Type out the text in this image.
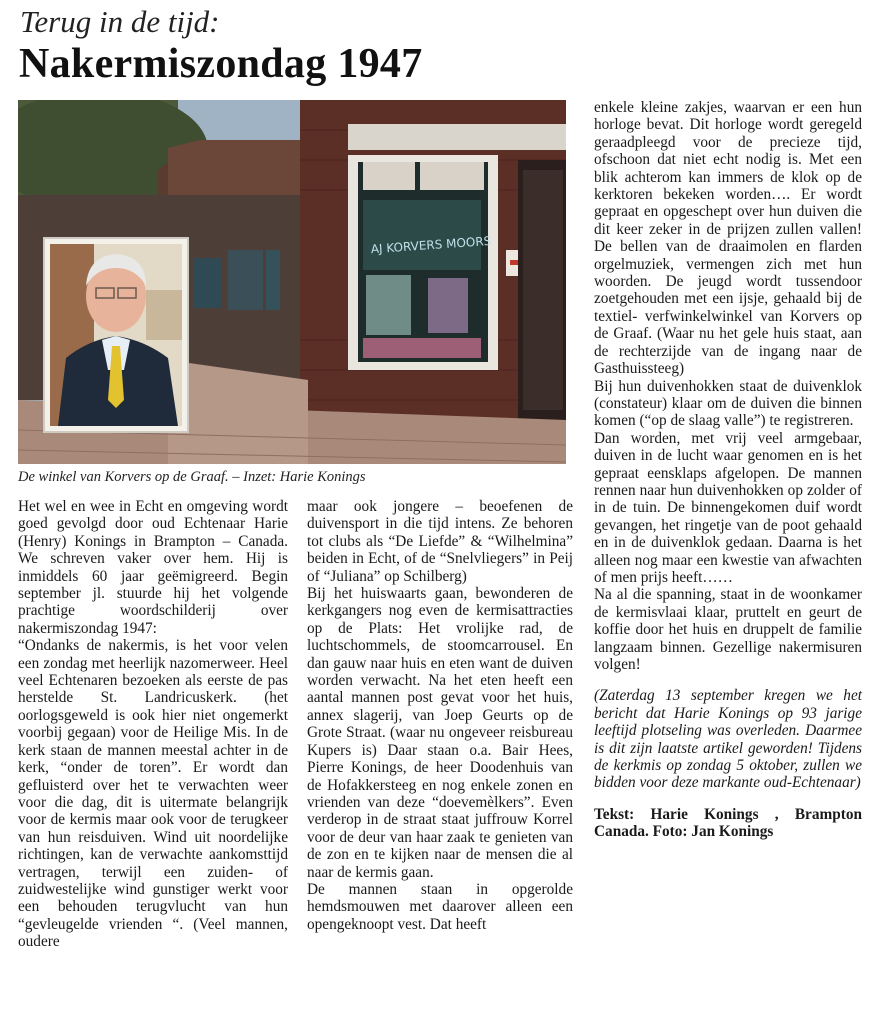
Terug in de tijd:
Nakermiszondag 1947
AJ KORVERS MOORS
De winkel van Korvers op de Graaf. – Inzet: Harie Konings

Het wel en wee in Echt en omgeving wordt goed gevolgd door oud Echtenaar Harie (Henry) Konings in Brampton – Canada. We schreven vaker over hem. Hij is inmiddels 60 jaar geëmigreerd. Begin september jl. stuurde hij het volgende prachtige woordschilderij over nakermiszondag 1947:

“Ondanks de nakermis, is het voor velen een zondag met heerlijk nazomerweer. Heel veel Echtenaren bezoeken als eerste de pas herstelde St. Landricuskerk. (het oorlogsgeweld is ook hier niet ongemerkt voorbij gegaan) voor de Heilige Mis. In de kerk staan de mannen meestal achter in de kerk, “onder de toren”. Er wordt dan gefluisterd over het te verwachten weer voor die dag, dit is uitermate belangrijk voor de kermis maar ook voor de terugkeer van hun reisduiven. Wind uit noordelijke richtingen, kan de verwachte aankomsttijd vertragen, terwijl een zuiden- of zuidwestelijke wind gunstiger werkt voor een behouden terugvlucht van hun “gevleugelde vrienden “. (Veel mannen, oudere

maar ook jongere – beoefenen de duivensport in die tijd intens. Ze behoren tot clubs als “De Liefde” & “Wilhelmina” beiden in Echt, of de “Snelvliegers” in Peij of “Juliana” op Schilberg)

Bij het huiswaarts gaan, bewonderen de kerkgangers nog even de kermisattracties op de Plats: Het vrolijke rad, de luchtschommels, de stoomcarrousel. En dan gauw naar huis en eten want de duiven worden verwacht. Na het eten heeft een aantal mannen post gevat voor het huis, annex slagerij, van Joep Geurts op de Grote Straat. (waar nu ongeveer reisbureau Kupers is) Daar staan o.a. Bair Hees, Pierre Konings, de heer Doodenhuis van de Hofakkersteeg en nog enkele zonen en vrienden van deze “doevemèlkers”. Even verderop in de straat staat juffrouw Korrel voor de deur van haar zaak te genieten van de zon en te kijken naar de mensen die al naar de kermis gaan.

De mannen staan in opgerolde hemdsmouwen met daarover alleen een opengeknoopt vest. Dat heeft

enkele kleine zakjes, waarvan er een hun horloge bevat. Dit horloge wordt geregeld geraadpleegd voor de precieze tijd, ofschoon dat niet echt nodig is. Met een blik achterom kan immers de klok op de kerktoren bekeken worden…. Er wordt gepraat en opgeschept over hun duiven die dit keer zeker in de prijzen zullen vallen! De bellen van de draaimolen en flarden orgelmuziek, vermengen zich met hun woorden. De jeugd wordt tussendoor zoetgehouden met een ijsje, gehaald bij de textiel- verfwinkelwinkel van Korvers op de Graaf. (Waar nu het gele huis staat, aan de rechterzijde van de ingang naar de Gasthuissteeg)

Bij hun duivenhokken staat de duivenklok (constateur) klaar om de duiven die binnen komen (“op de slaag valle”) te registreren.

Dan worden, met vrij veel armgebaar, duiven in de lucht waar genomen en is het gepraat eensklaps afgelopen. De mannen rennen naar hun duivenhokken op zolder of in de tuin. De binnengekomen duif wordt gevangen, het ringetje van de poot gehaald en in de duivenklok gedaan. Daarna is het alleen nog maar een kwestie van afwachten of men prijs heeft……

Na al die spanning, staat in de woonkamer de kermisvlaai klaar, pruttelt en geurt de koffie door het huis en druppelt de familie langzaam binnen. Gezellige nakermisuren volgen!

(Zaterdag 13 september kregen we het bericht dat Harie Konings op 93 jarige leeftijd plotseling was overleden. Daarmee is dit zijn laatste artikel geworden! Tijdens de kerkmis op zondag 5 oktober, zullen we bidden voor deze markante oud-Echtenaar)

Tekst: Harie Konings , Brampton Canada. Foto: Jan Konings
